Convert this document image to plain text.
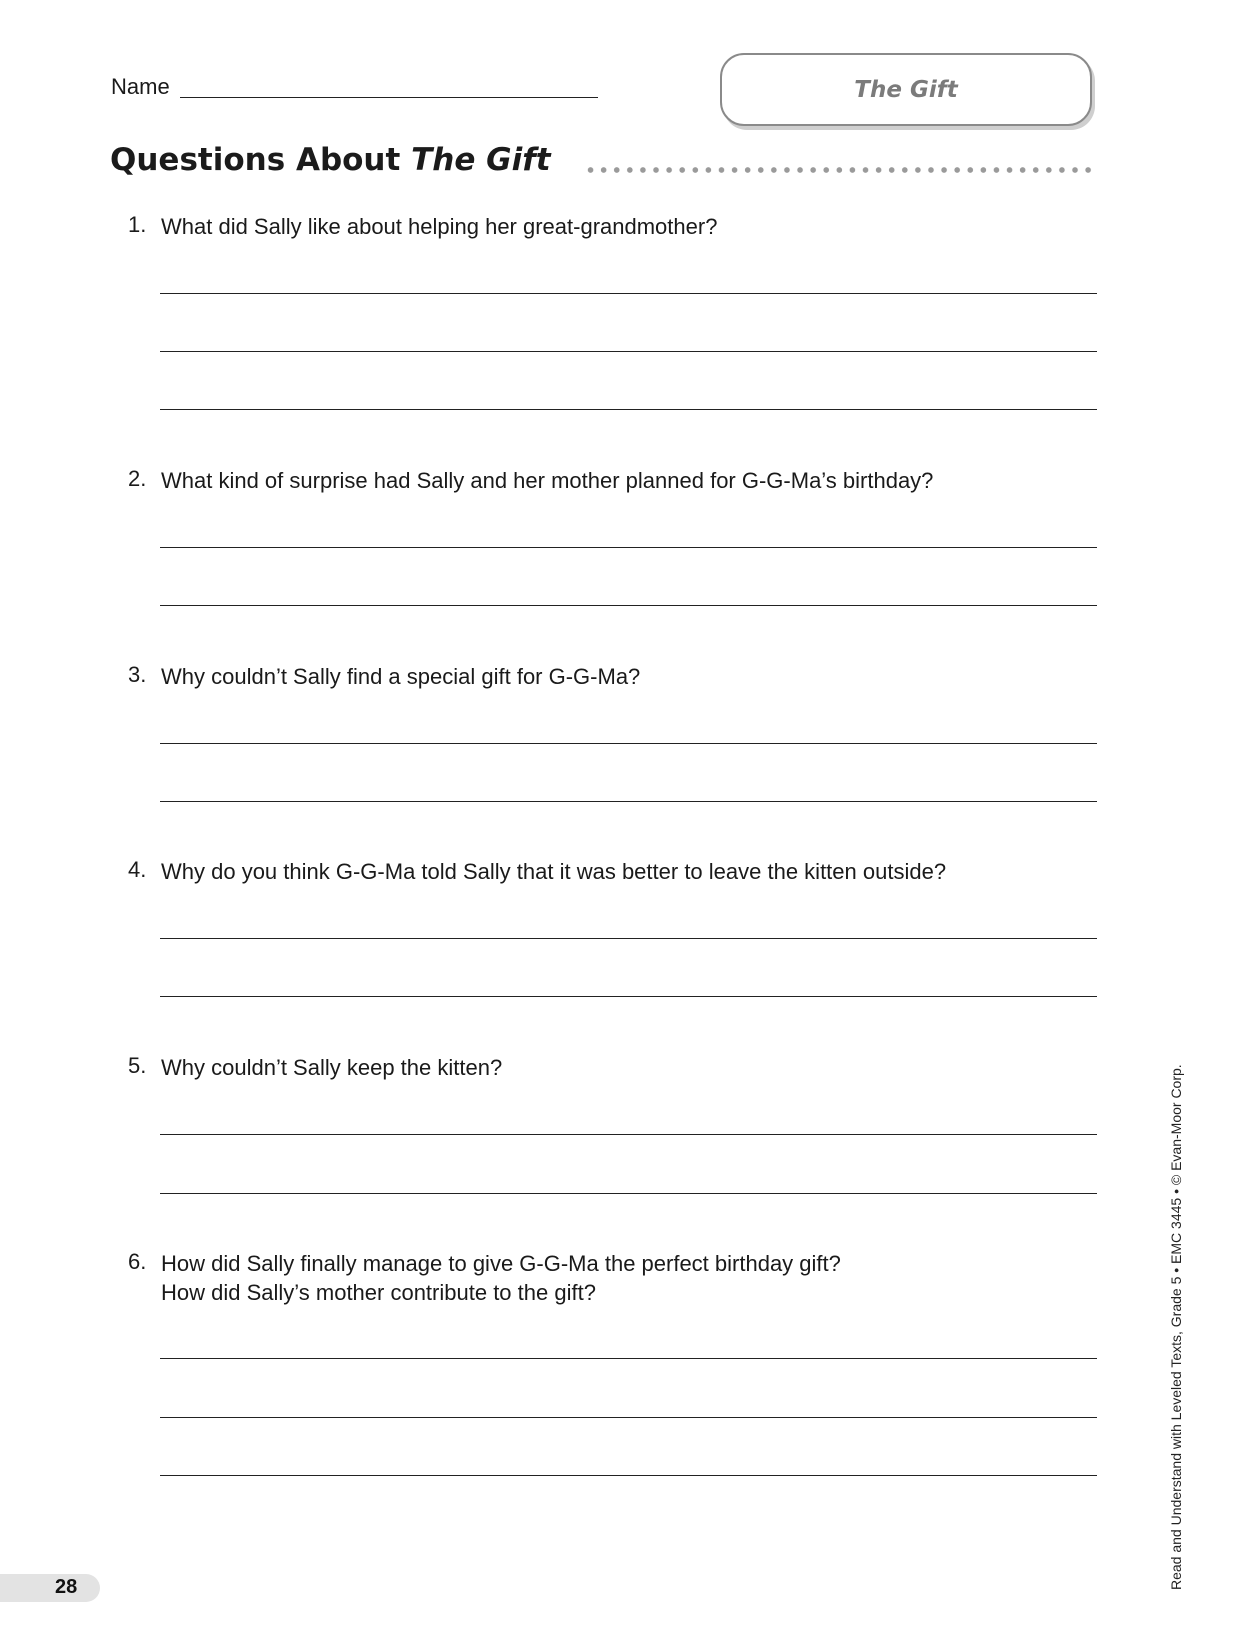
Name	The Gift
Questions About The Gift
1. What did Sally like about helping her great-grandmother?
2. What kind of surprise had Sally and her mother planned for G-G-Ma’s birthday?
3. Why couldn’t Sally find a special gift for G-G-Ma?
4. Why do you think G-G-Ma told Sally that it was better to leave the kitten outside?
5. Why couldn’t Sally keep the kitten?
6. How did Sally finally manage to give G-G-Ma the perfect birthday gift?
How did Sally’s mother contribute to the gift?	Read and Understand with Leveled Texts, Grade 5 • EMC 3445 • © Evan-Moor Corp.
28
